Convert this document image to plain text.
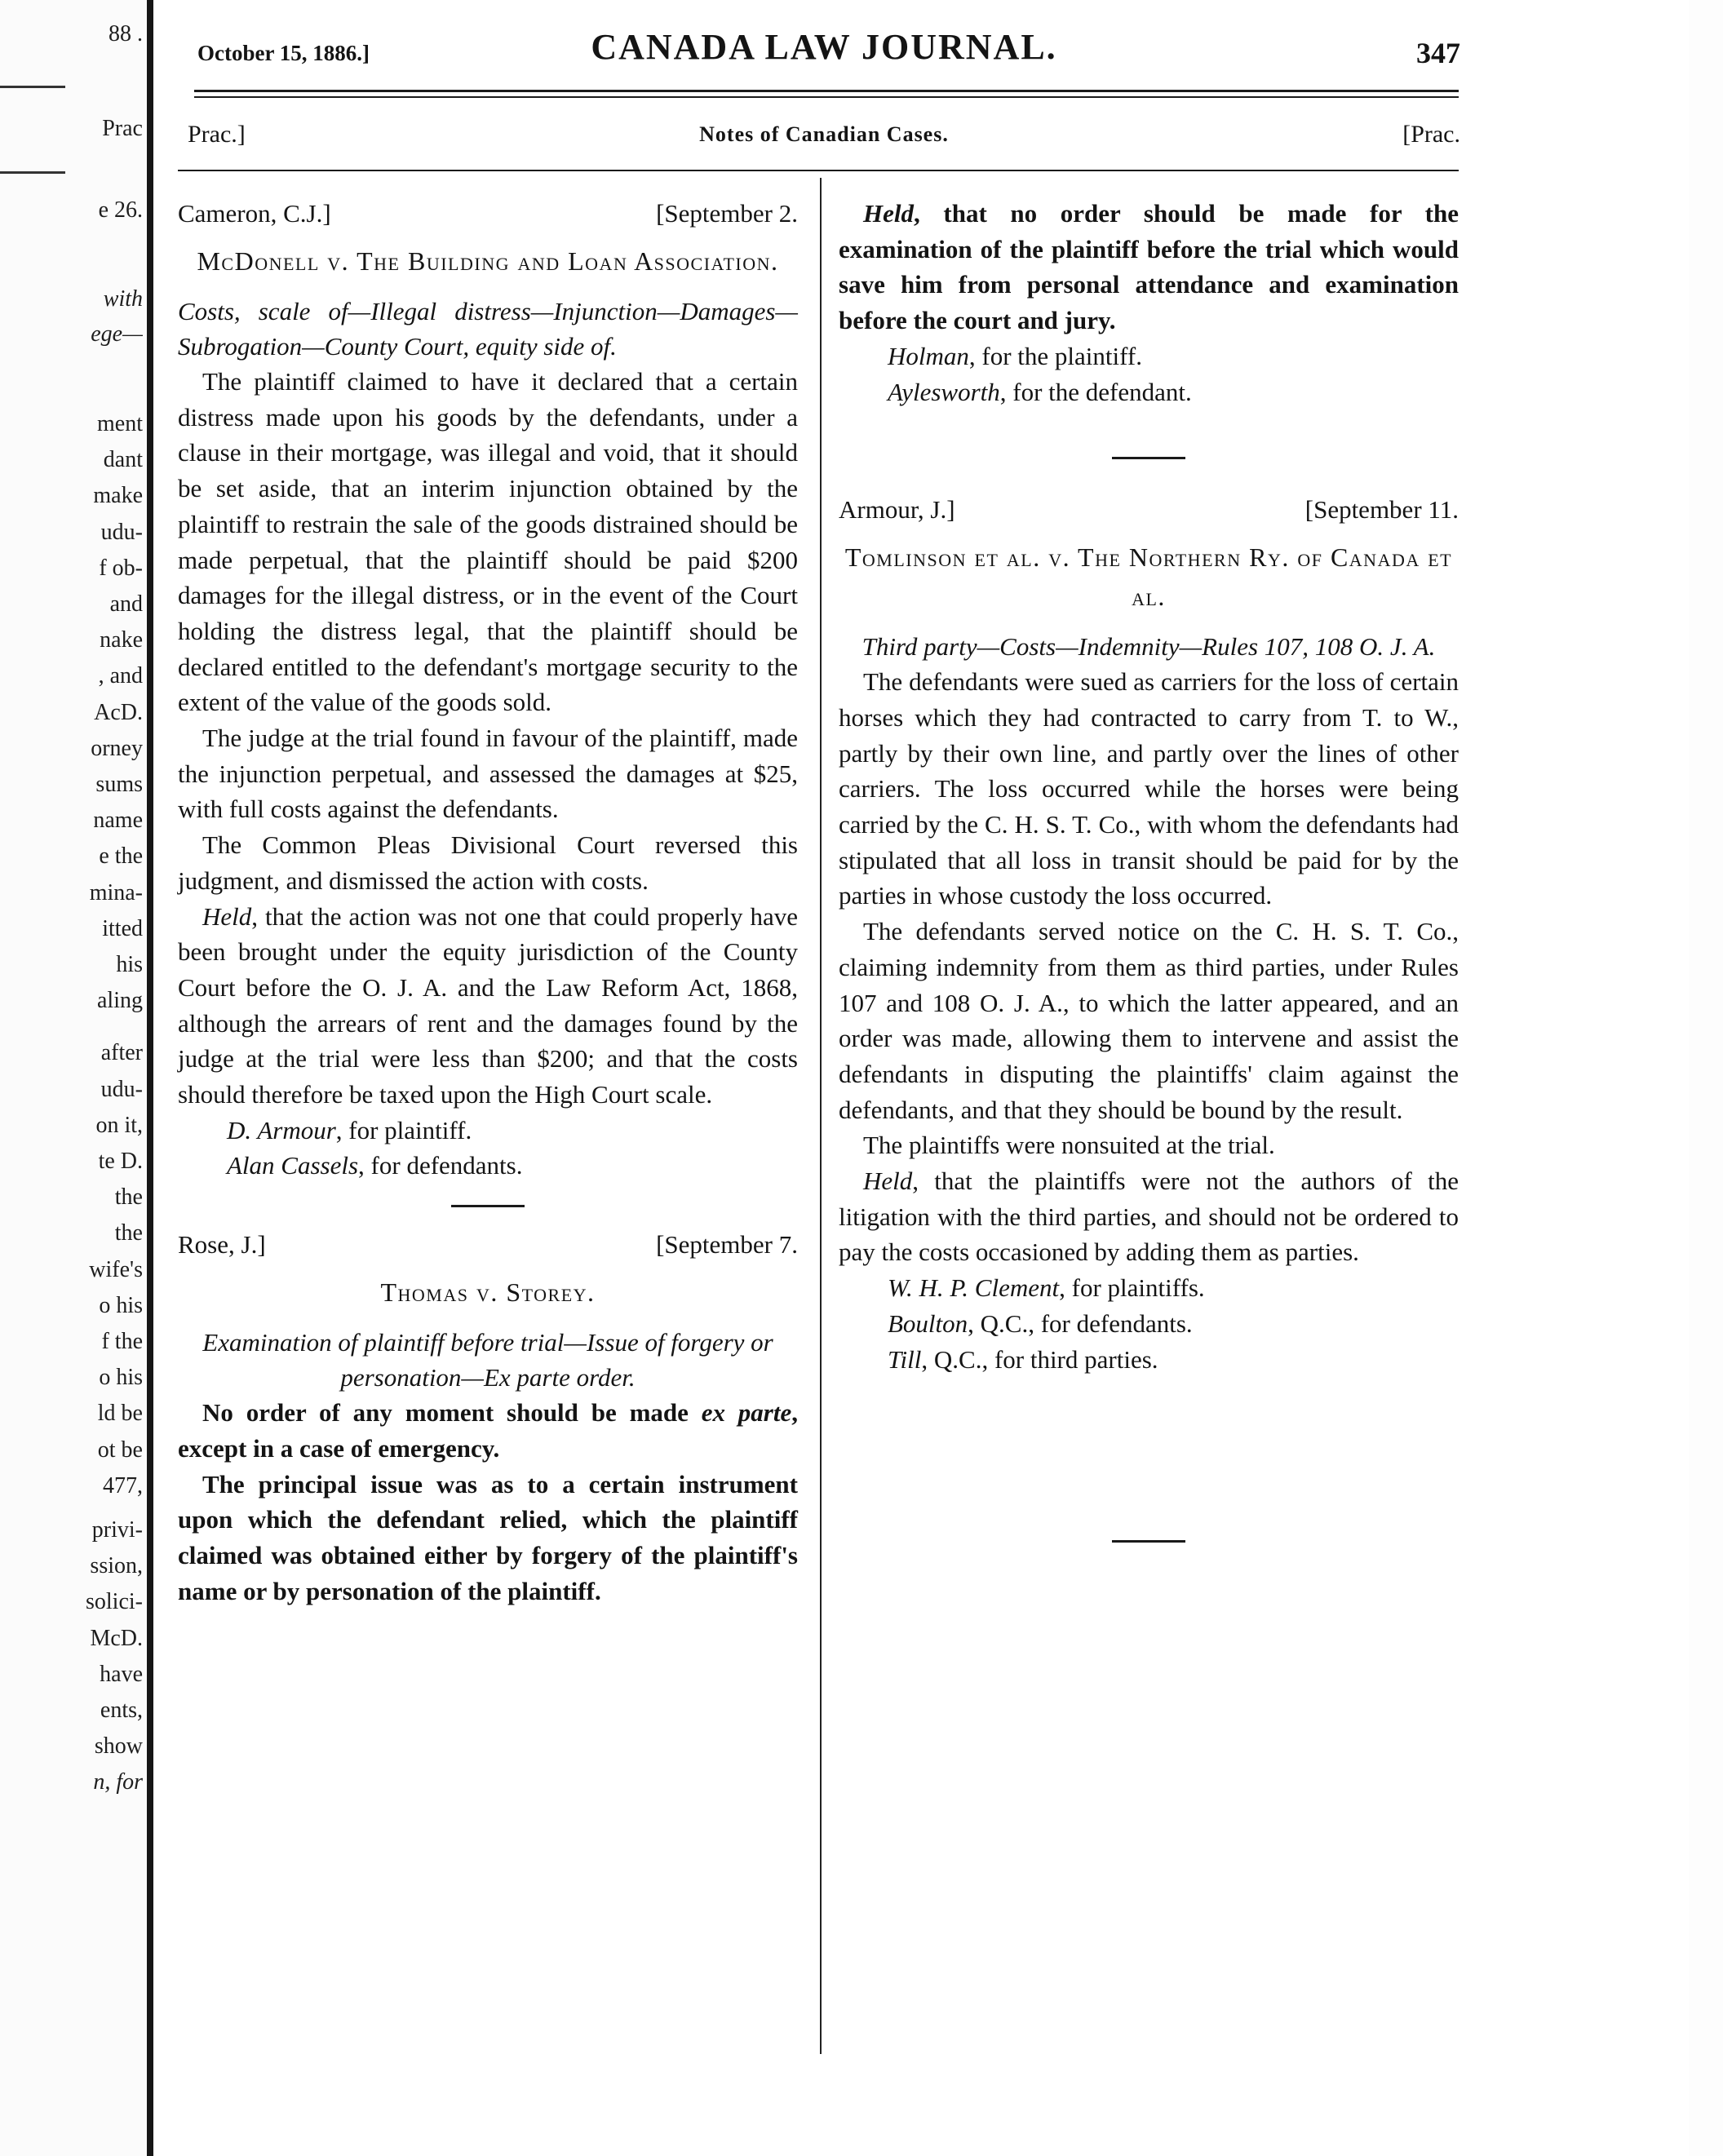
88 .
Prac
e 26.
with
ege—
ment
dant
make
udu-
f ob-
and
nake
, and
AcD.
orney
sums
name
e the
mina-
itted
his
aling
after
udu-
on it,
te D.
the
the
wife's
o his
f the
o his
ld be
ot be
477,
privi-
ssion,
solici-
McD.
have
ents,
show
n, for
October 15, 1886.]	CANADA LAW JOURNAL.	347
Prac.]	Notes of Canadian Cases.	[Prac.
Cameron, C.J.]	[September 2.
McDonell v. The Building and Loan Association.

Costs, scale of—Illegal distress—Injunction—Damages—Subrogation—County Court, equity side of.

The plaintiff claimed to have it declared that a certain distress made upon his goods by the defendants, under a clause in their mortgage, was illegal and void, that it should be set aside, that an interim injunction obtained by the plaintiff to restrain the sale of the goods distrained should be made perpetual, that the plaintiff should be paid $200 damages for the illegal distress, or in the event of the Court holding the distress legal, that the plaintiff should be declared entitled to the defendant's mortgage security to the extent of the value of the goods sold.

The judge at the trial found in favour of the plaintiff, made the injunction perpetual, and assessed the damages at $25, with full costs against the defendants.

The Common Pleas Divisional Court reversed this judgment, and dismissed the action with costs.

Held, that the action was not one that could properly have been brought under the equity jurisdiction of the County Court before the O. J. A. and the Law Reform Act, 1868, although the arrears of rent and the damages found by the judge at the trial were less than $200; and that the costs should therefore be taxed upon the High Court scale.

D. Armour, for plaintiff.

Alan Cassels, for defendants.

Rose, J.]	[September 7.
Thomas v. Storey.

Examination of plaintiff before trial—Issue of forgery or personation—Ex parte order.

No order of any moment should be made ex parte, except in a case of emergency.

The principal issue was as to a certain instrument upon which the defendant relied, which the plaintiff claimed was obtained either by forgery of the plaintiff's name or by personation of the plaintiff.

Held, that no order should be made for the examination of the plaintiff before the trial which would save him from personal attendance and examination before the court and jury.

Holman, for the plaintiff.

Aylesworth, for the defendant.

Armour, J.]	[September 11.
Tomlinson et al. v. The Northern Ry. of Canada et al.

Third party—Costs—Indemnity—Rules 107, 108 O. J. A.

The defendants were sued as carriers for the loss of certain horses which they had contracted to carry from T. to W., partly by their own line, and partly over the lines of other carriers. The loss occurred while the horses were being carried by the C. H. S. T. Co., with whom the defendants had stipulated that all loss in transit should be paid for by the parties in whose custody the loss occurred.

The defendants served notice on the C. H. S. T. Co., claiming indemnity from them as third parties, under Rules 107 and 108 O. J. A., to which the latter appeared, and an order was made, allowing them to intervene and assist the defendants in disputing the plaintiffs' claim against the defendants, and that they should be bound by the result.

The plaintiffs were nonsuited at the trial.

Held, that the plaintiffs were not the authors of the litigation with the third parties, and should not be ordered to pay the costs occasioned by adding them as parties.

W. H. P. Clement, for plaintiffs.

Boulton, Q.C., for defendants.

Till, Q.C., for third parties.
